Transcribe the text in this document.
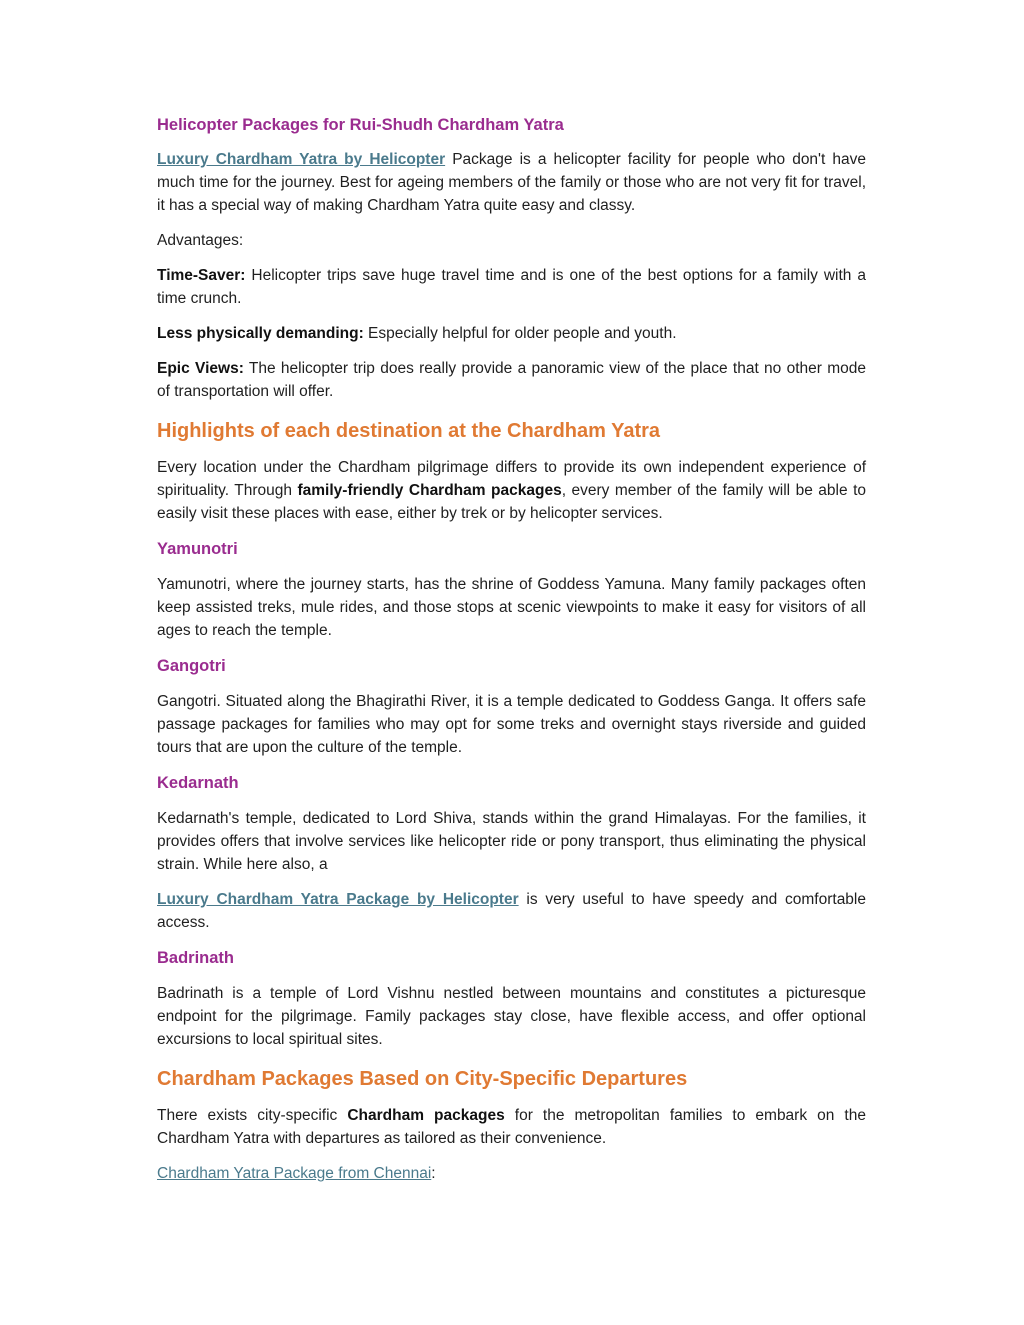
Helicopter Packages for Rui-Shudh Chardham Yatra

Luxury Chardham Yatra by Helicopter Package is a helicopter facility for people who don't have much time for the journey. Best for ageing members of the family or those who are not very fit for travel, it has a special way of making Chardham Yatra quite easy and classy.

Advantages:

Time-Saver: Helicopter trips save huge travel time and is one of the best options for a family with a time crunch.

Less physically demanding: Especially helpful for older people and youth.

Epic Views: The helicopter trip does really provide a panoramic view of the place that no other mode of transportation will offer.

Highlights of each destination at the Chardham Yatra

Every location under the Chardham pilgrimage differs to provide its own independent experience of spirituality. Through family-friendly Chardham packages, every member of the family will be able to easily visit these places with ease, either by trek or by helicopter services.

Yamunotri

Yamunotri, where the journey starts, has the shrine of Goddess Yamuna. Many family packages often keep assisted treks, mule rides, and those stops at scenic viewpoints to make it easy for visitors of all ages to reach the temple.

Gangotri

Gangotri. Situated along the Bhagirathi River, it is a temple dedicated to Goddess Ganga. It offers safe passage packages for families who may opt for some treks and overnight stays riverside and guided tours that are upon the culture of the temple.

Kedarnath

Kedarnath's temple, dedicated to Lord Shiva, stands within the grand Himalayas. For the families, it provides offers that involve services like helicopter ride or pony transport, thus eliminating the physical strain. While here also, a

Luxury Chardham Yatra Package by Helicopter is very useful to have speedy and comfortable access.

Badrinath

Badrinath is a temple of Lord Vishnu nestled between mountains and constitutes a picturesque endpoint for the pilgrimage. Family packages stay close, have flexible access, and offer optional excursions to local spiritual sites.

Chardham Packages Based on City-Specific Departures

There exists city-specific Chardham packages for the metropolitan families to embark on the Chardham Yatra with departures as tailored as their convenience.

Chardham Yatra Package from Chennai:
